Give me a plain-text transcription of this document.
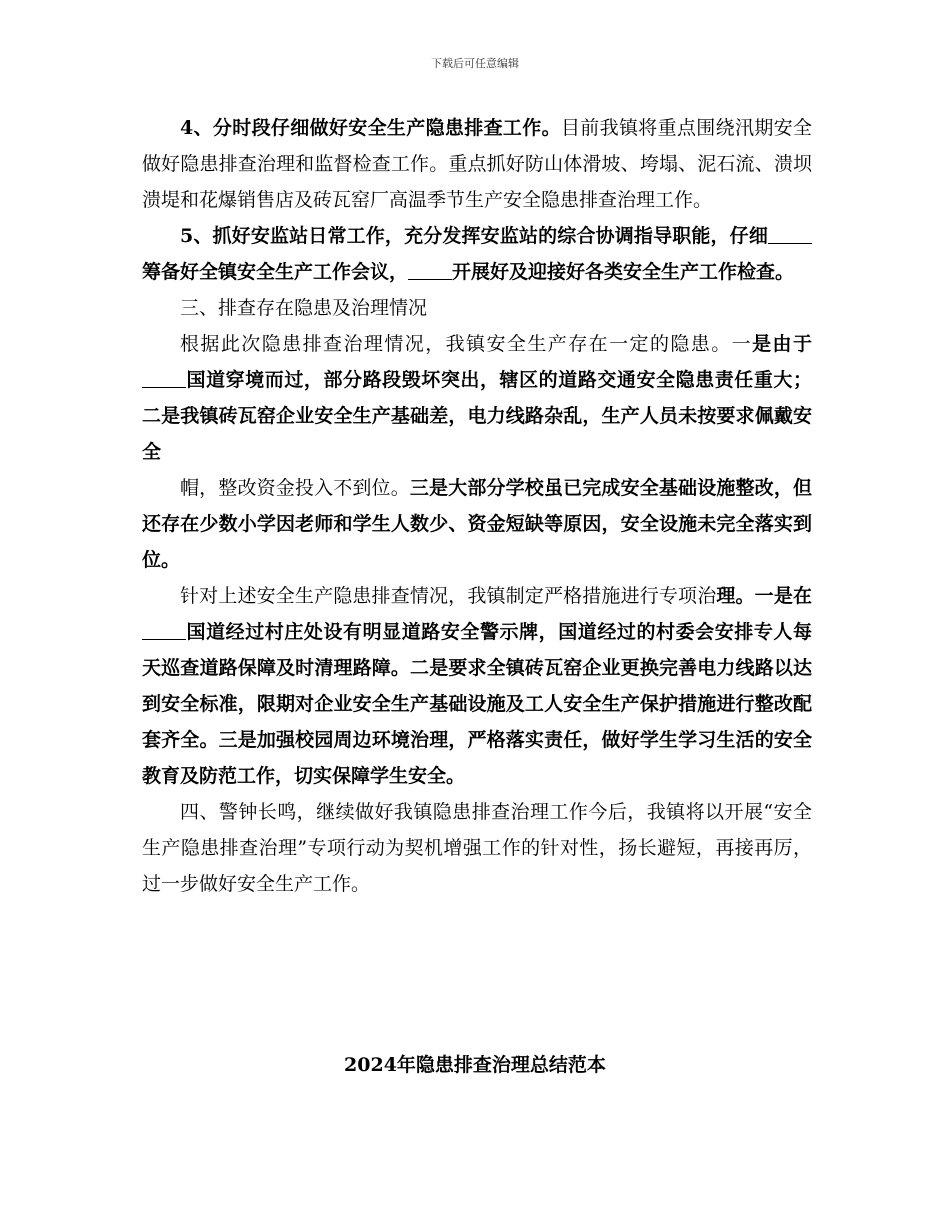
下载后可任意编辑

4、分时段仔细做好安全生产隐患排查工作。目前我镇将重点围绕汛期安全做好隐患排查治理和监督检查工作。重点抓好防山体滑坡、垮塌、泥石流、溃坝溃堤和花爆销售店及砖瓦窑厂高温季节生产安全隐患排查治理工作。

5、抓好安监站日常工作，充分发挥安监站的综合协调指导职能，仔细筹备好全镇安全生产工作会议， 开展好及迎接好各类安全生产工作检查。

三、排查存在隐患及治理情况

根据此次隐患排查治理情况，我镇安全生产存在一定的隐患。一是由于国道穿境而过，部分路段毁坏突出，辖区的道路交通安全隐患责任重大；二是我镇砖瓦窑企业安全生产基础差，电力线路杂乱，生产人员未按要求佩戴安全

帽，整改资金投入不到位。三是大部分学校虽已完成安全基础设施整改，但还存在少数小学因老师和学生人数少、资金短缺等原因，安全设施未完全落实到位。

针对上述安全生产隐患排查情况，我镇制定严格措施进行专项治理。一是在国道经过村庄处设有明显道路安全警示牌，国道经过的村委会安排专人每天巡查道路保障及时清理路障。二是要求全镇砖瓦窑企业更换完善电力线路以达到安全标准，限期对企业安全生产基础设施及工人安全生产保护措施进行整改配套齐全。三是加强校园周边环境治理，严格落实责任，做好学生学习生活的安全教育及防范工作，切实保障学生安全。

四、警钟长鸣，继续做好我镇隐患排查治理工作今后，我镇将以开展“安全生产隐患排查治理”专项行动为契机增强工作的针对性，扬长避短，再接再厉，过一步做好安全生产工作。

2024年隐患排查治理总结范本
